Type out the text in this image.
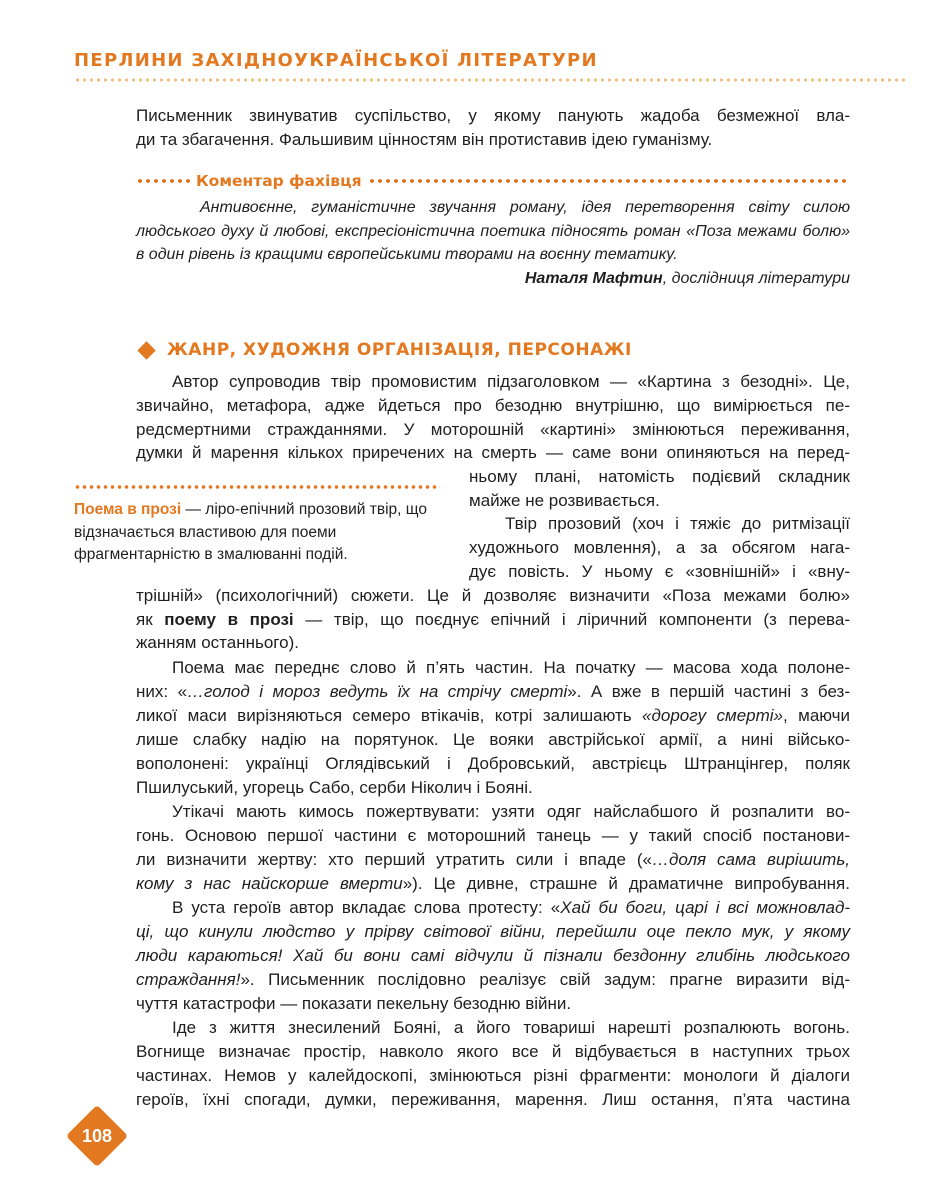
ПЕРЛИНИ ЗАХІДНОУКРАЇНСЬКОЇ ЛІТЕРАТУРИ

Письменник звинуватив суспільство, у якому панують жадоба безмежної вла-

ди та збагачення. Фальшивим цінностям він протиставив ідею гуманізму.

Коментар фахівця

Антивоєнне, гуманістичне звучання роману, ідея перетворення світу силою людського духу й любові, експресіоністична поетика підносять роман «Поза межами болю» в один рівень із кращими європейськими творами на воєнну тематику.

Наталя Мафтин, дослідниця літератури
ЖАНР, ХУДОЖНЯ ОРГАНІЗАЦІЯ, ПЕРСОНАЖІ

Автор супроводив твір промовистим підзаголовком — «Картина з безодні». Це,

звичайно, метафора, адже йдеться про безодню внутрішню, що вимірюється пе-

редсмертними стражданнями. У моторошній «картині» змінюються переживання,

думки й марення кількох приречених на смерть — саме вони опиняються на перед-

ньому плані, натомість подієвий складник

майже не розвивається.

Поема в прозі — ліро-епічний прозовий твір, що відзначається властивою для поеми фрагментарністю в змалюванні подій.

Твір прозовий (хоч і тяжіє до ритмізації

художнього мовлення), а за обсягом нага-

дує повість. У ньому є «зовнішній» і «вну-

трішній» (психологічний) сюжети. Це й дозволяє визначити «Поза межами болю»

як поему в прозі — твір, що поєднує епічний і ліричний компоненти (з перева-

жанням останнього).

Поема має переднє слово й п’ять частин. На початку — масова хода полоне-

них: «…голод і мороз ведуть їх на стрічу смерті». А вже в першій частині з без-

ликої маси вирізняються семеро втікачів, котрі залишають «дорогу смерті», маючи

лише слабку надію на порятунок. Це вояки австрійської армії, а нині військо-

вополонені: українці Оглядівський і Добровський, австрієць Штранцінгер, поляк

Пшилуський, угорець Сабо, серби Ніколич і Бояні.

Утікачі мають кимось пожертвувати: узяти одяг найслабшого й розпалити во-

гонь. Основою першої частини є моторошний танець — у такий спосіб постанови-

ли визначити жертву: хто перший утратить сили і впаде («…доля сама вирішить,

кому з нас найскорше вмерти»). Це дивне, страшне й драматичне випробування.

В уста героїв автор вкладає слова протесту: «Хай би боги, царі і всі можновлад-

ці, що кинули людство у прірву світової війни, перейшли оце пекло мук, у якому

люди караються! Хай би вони самі відчули й пізнали бездонну глибінь людського

страждання!». Письменник послідовно реалізує свій задум: прагне виразити від-

чуття катастрофи — показати пекельну безодню війни.

Іде з життя знесилений Бояні, а його товариші нарешті розпалюють вогонь.

Вогнище визначає простір, навколо якого все й відбувається в наступних трьох

частинах. Немов у калейдоскопі, змінюються різні фрагменти: монологи й діалоги

героїв, їхні спогади, думки, переживання, марення. Лиш остання, п’ята частина

108
